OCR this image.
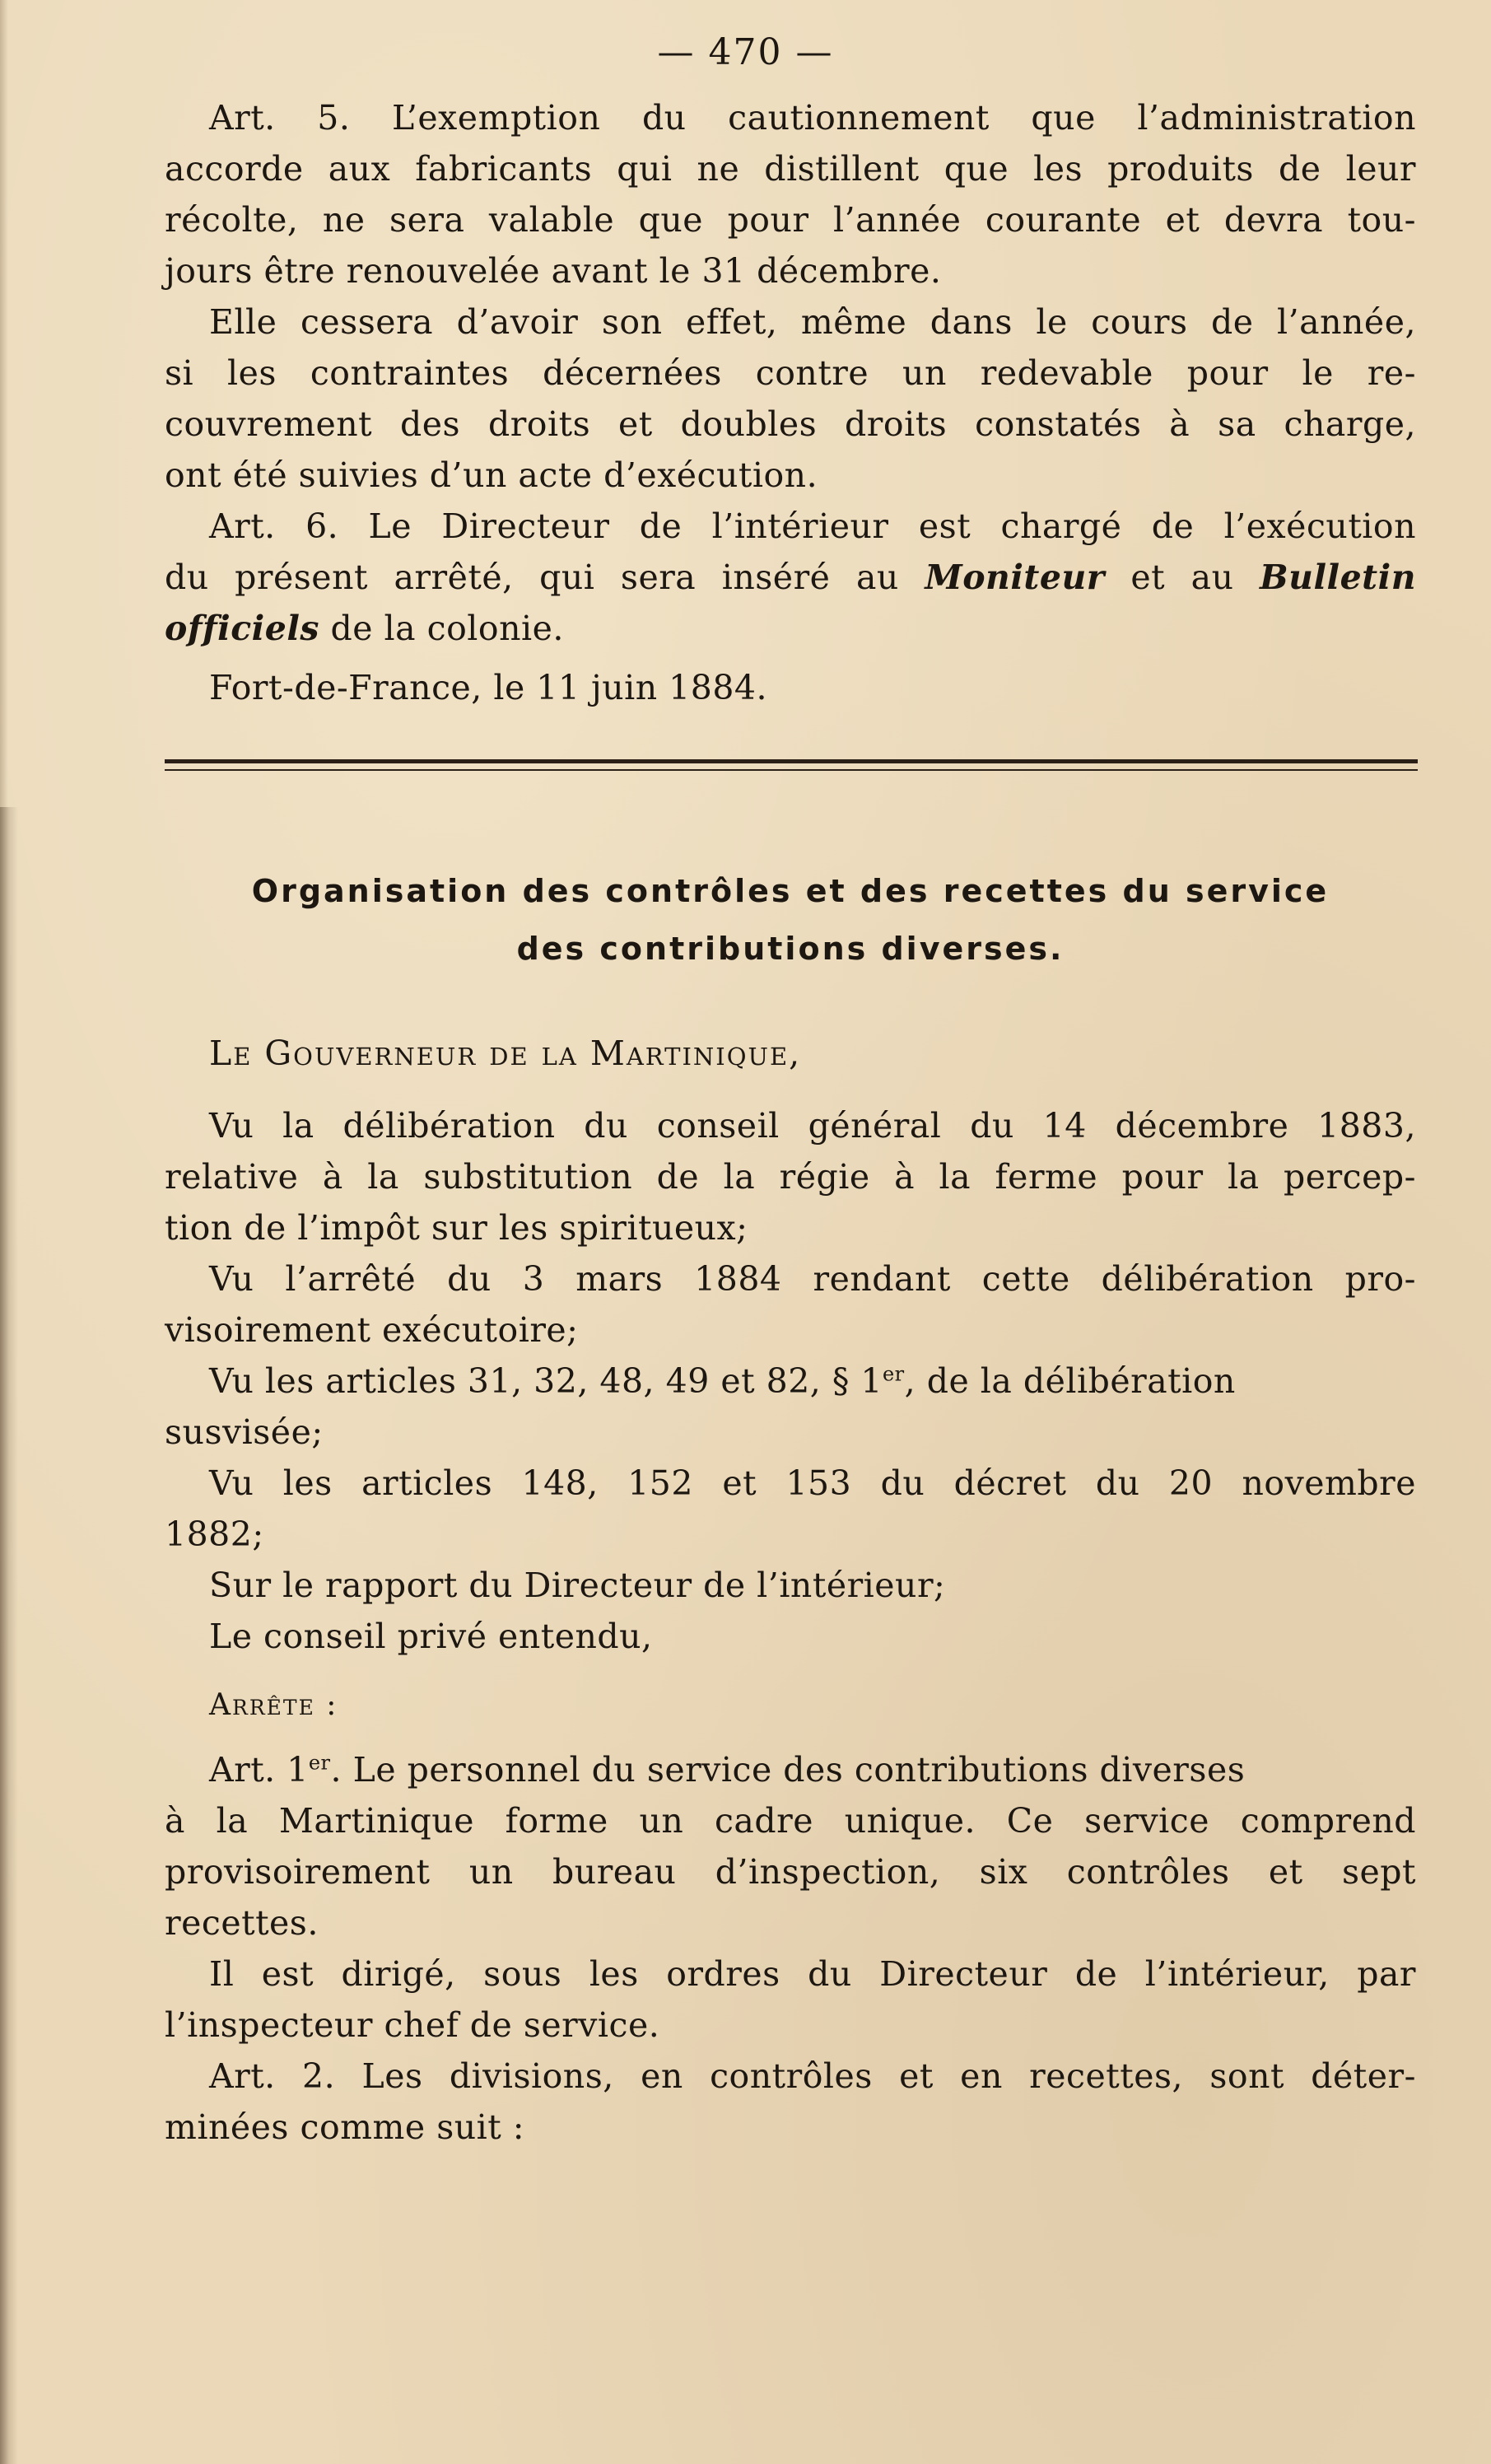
— 470 —

Art. 5. L’exemption du cautionnement que l’administration

accorde aux fabricants qui ne distillent que les produits de leur

récolte, ne sera valable que pour l’année courante et devra tou-

jours être renouvelée avant le 31 décembre.

Elle cessera d’avoir son effet, même dans le cours de l’année,

si les contraintes décernées contre un redevable pour le re-

couvrement des droits et doubles droits constatés à sa charge,

ont été suivies d’un acte d’exécution.

Art. 6. Le Directeur de l’intérieur est chargé de l’exécution

du présent arrêté, qui sera inséré au Moniteur et au Bulletin

officiels de la colonie.

Fort-de-France, le 11 juin 1884.

Organisation des contrôles et des recettes du service
des contributions diverses.

Le Gouverneur de la Martinique,

Vu la délibération du conseil général du 14 décembre 1883,

relative à la substitution de la régie à la ferme pour la percep-

tion de l’impôt sur les spiritueux;

Vu l’arrêté du 3 mars 1884 rendant cette délibération pro-

visoirement exécutoire;

Vu les articles 31, 32, 48, 49 et 82, § 1er, de la délibération

susvisée;

Vu les articles 148, 152 et 153 du décret du 20 novembre

1882;

Sur le rapport du Directeur de l’intérieur;

Le conseil privé entendu,

Arrête :

Art. 1er. Le personnel du service des contributions diverses

à la Martinique forme un cadre unique. Ce service comprend

provisoirement un bureau d’inspection, six contrôles et sept

recettes.

Il est dirigé, sous les ordres du Directeur de l’intérieur, par

l’inspecteur chef de service.

Art. 2. Les divisions, en contrôles et en recettes, sont déter-

minées comme suit :
